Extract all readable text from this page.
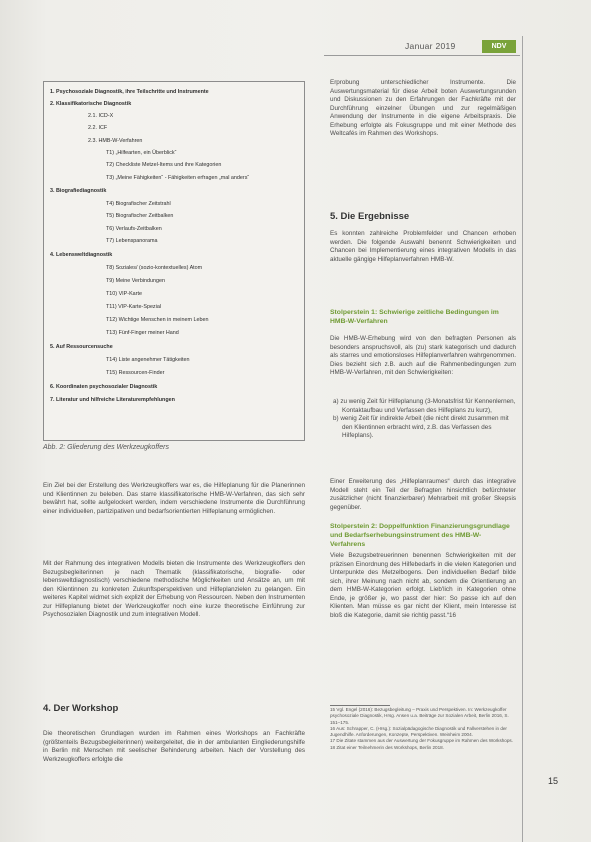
Januar 2019	NDV
1. Psychosoziale Diagnostik, ihre Teilschritte und Instrumente
2. Klassifikatorische Diagnostik
2.1. ICD-X
2.2. ICF
2.3. HMB-W-Verfahren
T1) „Hilfearten, ein Überblick“
T2) Checkliste Metzel-Items und ihre Kategorien
T3) „Meine Fähigkeiten“ - Fähigkeiten erfragen „mal anders“
3. Biografiediagnostik
T4) Biografischer Zeitstrahl
T5) Biografischer Zeitbalken
T6) Verlaufs-Zeitbalken
T7) Lebenspanorama
4. Lebensweltdiagnostik
T8) Soziales/ (sozio-kontextuelles) Atom
T9) Meine Verbindungen
T10) VIP-Karte
T11) VIP-Karte-Spezial
T12) Wichtige Menschen in meinem Leben
T13) Fünf-Finger meiner Hand
5. Auf Ressourcensuche
T14) Liste angenehmer Tätigkeiten
T15) Ressourcen-Finder
6. Koordinaten psychosozialer Diagnostik
7. Literatur und hilfreiche Literaturempfehlungen
Abb. 2: Gliederung des Werkzeugkoffers

Ein Ziel bei der Erstellung des Werkzeugkoffers war es, die Hilfeplanung für die Planerinnen und Klientinnen zu beleben. Das starre klassifikatorische HMB-W-Verfahren, das sich sehr bewährt hat, sollte aufgelockert werden, indem verschiedene Instrumente die Durchführung einer individuellen, partizipativen und bedarfsorientierten Hilfeplanung ermöglichen.

Mit der Rahmung des integrativen Modells bieten die Instrumente des Werkzeugkoffers den Bezugsbegleiterinnen je nach Thematik (klassifikatorische, biografie- oder lebensweltdiagnostisch) verschiedene methodische Möglichkeiten und Ansätze an, um mit den Klientinnen zu konkreten Zukunftsperspektiven und Hilfeplanzielen zu gelangen. Ein weiteres Kapitel widmet sich explizit der Erhebung von Ressourcen. Neben den Instrumenten zur Hilfeplanung bietet der Werkzeugkoffer noch eine kurze theoretische Einführung zur Psychosozialen Diagnostik und zum integrativen Modell.

4. Der Workshop

Die theoretischen Grundlagen wurden im Rahmen eines Workshops an Fachkräfte (größtenteils Bezugsbegleiterinnen) weitergeleitet, die in der ambulanten Eingliederungshilfe in Berlin mit Menschen mit seelischer Behinderung arbeiten. Nach der Vorstellung des Werkzeugkoffers erfolgte die

Erprobung unterschiedlicher Instrumente. Die Auswertungsmaterial für diese Arbeit boten Auswertungsrunden und Diskussionen zu den Erfahrungen der Fachkräfte mit der Durchführung einzelner Übungen und zur regelmäßigen Anwendung der Instrumente in die eigene Arbeitspraxis. Die Erhebung erfolgte als Fokusgruppe und mit einer Methode des Weltcafés im Rahmen des Workshops.

5. Die Ergebnisse

Es konnten zahlreiche Problemfelder und Chancen erhoben werden. Die folgende Auswahl benennt Schwierigkeiten und Chancen bei Implementierung eines integrativen Modells in das aktuelle gängige Hilfeplanverfahren HMB-W.

Stolperstein 1: Schwierige zeitliche Bedingungen im HMB-W-Verfahren

Die HMB-W-Erhebung wird von den befragten Personen als besonders anspruchsvoll, als (zu) stark kategorisch und dadurch als starres und emotionsloses Hilfeplanverfahren wahrgenommen. Dies bezieht sich z.B. auch auf die Rahmenbedingungen zum HMB-W-Verfahren, mit den Schwierigkeiten:

a) zu wenig Zeit für Hilfeplanung (3-Monatsfrist für Kennenlernen, Kontaktaufbau und Verfassen des Hilfeplans zu kurz),
b) wenig Zeit für indirekte Arbeit (die nicht direkt zusammen mit den Klientinnen erbracht wird, z.B. das Verfassen des Hilfeplans).

Einer Erweiterung des „Hilfeplanraumes“ durch das integrative Modell steht ein Teil der Befragten hinsichtlich befürchteter zusätzlicher (nicht finanzierbarer) Mehrarbeit mit großer Skepsis gegenüber.

Stolperstein 2: Doppelfunktion Finanzierungsgrundlage und Bedarfserhebungsinstrument des HMB-W-Verfahrens

Viele Bezugsbetreuerinnen benennen Schwierigkeiten mit der präzisen Einordnung des Hilfebedarfs in die vielen Kategorien und Unterpunkte des Metzelbogens. Den individuellen Bedarf bilde sich, ihrer Meinung nach nicht ab, sondern die Orientierung an dem HMB-W-Kategorien erfolgt. Lieb'lich in Kategorien ohne Ende, je größer je, wo passt der hier: So passe ich auf den Klienten. Man müsse es gar nicht der Klient, mein Interesse ist bloß die Kategorie, damit sie richtig passt.“16

15 Vgl. Engel (2016): Bezugsbegleitung – Praxis und Perspektiven. In: Werkzeugkoffer psychosoziale Diagnostik, Hrsg. Ansen u.a. Beiträge zur Sozialen Arbeit, Berlin 2016, S. 151–175.
16 Aus: Schrapper, C. (Hrsg.): Sozialpädagogische Diagnostik und Fallverstehen in der Jugendhilfe. Anforderungen, Konzepte, Perspektiven. Weinheim 2004.
17 Die Zitate stammen aus der Auswertung der Fokusgruppe im Rahmen des Workshops.
18 Zitat einer Teilnehmerin des Workshops, Berlin 2018.
15
